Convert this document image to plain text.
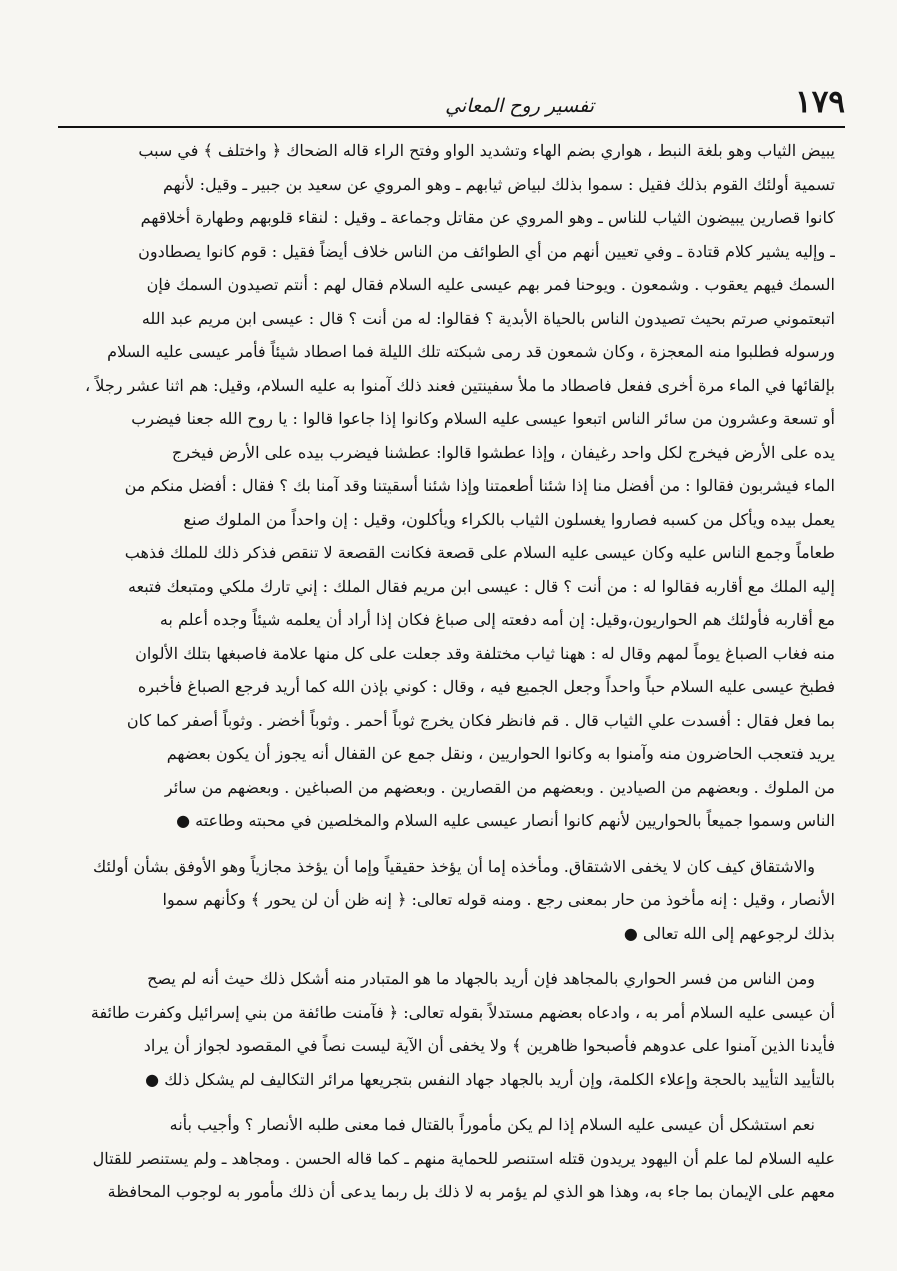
١٧٩
تفسير روح المعاني
يبيض الثياب وهو بلغة النبط ، هواري بضم الهاء وتشديد الواو وفتح الراء قاله الضحاك ﴿ واختلف ﴾ في سبب
تسمية أولئك القوم بذلك فقيل : سموا بذلك لبياض ثيابهم ـ وهو المروي عن سعيد بن جبير ـ وقيل: لأنهم
كانوا قصارين يبيضون الثياب للناس ـ وهو المروي عن مقاتل وجماعة ـ وقيل : لنقاء قلوبهم وطهارة أخلاقهم
ـ وإليه يشير كلام قتادة ـ وفي تعيين أنهم من أي الطوائف من الناس خلاف أيضاً فقيل : قوم كانوا يصطادون
السمك فيهم يعقوب . وشمعون . ويوحنا فمر بهم عيسى عليه السلام فقال لهم : أنتم تصيدون السمك فإن
اتبعتموني صرتم بحيث تصيدون الناس بالحياة الأبدية ؟ فقالوا: له من أنت ؟ قال : عيسى ابن مريم عبد الله
ورسوله فطلبوا منه المعجزة ، وكان شمعون قد رمى شبكته تلك الليلة فما اصطاد شيئاً فأمر عيسى عليه السلام
بإلقائها في الماء مرة أخرى ففعل فاصطاد ما ملأ سفينتين فعند ذلك آمنوا به عليه السلام، وقيل: هم اثنا عشر رجلاً ،
أو تسعة وعشرون من سائر الناس اتبعوا عيسى عليه السلام وكانوا إذا جاعوا قالوا : يا روح الله جعنا فيضرب
يده على الأرض فيخرج لكل واحد رغيفان ، وإذا عطشوا قالوا: عطشنا فيضرب بيده على الأرض فيخرج
الماء فيشربون فقالوا : من أفضل منا إذا شئنا أطعمتنا وإذا شئنا أسقيتنا وقد آمنا بك ؟ فقال : أفضل منكم من
يعمل بيده ويأكل من كسبه فصاروا يغسلون الثياب بالكراء ويأكلون، وقيل : إن واحداً من الملوك صنع
طعاماً وجمع الناس عليه وكان عيسى عليه السلام على قصعة فكانت القصعة لا تنقص فذكر ذلك للملك فذهب
إليه الملك مع أقاربه فقالوا له : من أنت ؟ قال : عيسى ابن مريم فقال الملك : إني تارك ملكي ومتبعك فتبعه
مع أقاربه فأولئك هم الحواريون،وقيل: إن أمه دفعته إلى صباغ فكان إذا أراد أن يعلمه شيئاً وجده أعلم به
منه فغاب الصباغ يوماً لمهم وقال له : ههنا ثياب مختلفة وقد جعلت على كل منها علامة فاصبغها بتلك الألوان
فطبخ عيسى عليه السلام حباً واحداً وجعل الجميع فيه ، وقال : كوني بإذن الله كما أريد فرجع الصباغ فأخبره
بما فعل فقال : أفسدت علي الثياب قال . قم فانظر فكان يخرج ثوباً أحمر . وثوباً أخضر . وثوباً أصفر كما كان
يريد فتعجب الحاضرون منه وآمنوا به وكانوا الحواريين ، ونقل جمع عن القفال أنه يجوز أن يكون بعضهم
من الملوك . وبعضهم من الصيادين . وبعضهم من القصارين . وبعضهم من الصباغين . وبعضهم من سائر
الناس وسموا جميعاً بالحواريين لأنهم كانوا أنصار عيسى عليه السلام والمخلصين في محبته وطاعته ●
والاشتقاق كيف كان لا يخفى الاشتقاق. ومأخذه إما أن يؤخذ حقيقياً وإما أن يؤخذ مجازياً وهو الأوفق بشأن أولئك
الأنصار ، وقيل : إنه مأخوذ من حار بمعنى رجع . ومنه قوله تعالى: ﴿ إنه ظن أن لن يحور ﴾ وكأنهم سموا
بذلك لرجوعهم إلى الله تعالى ●
ومن الناس من فسر الحواري بالمجاهد فإن أريد بالجهاد ما هو المتبادر منه أشكل ذلك حيث أنه لم يصح
أن عيسى عليه السلام أمر به ، وادعاه بعضهم مستدلاً بقوله تعالى: ﴿ فآمنت طائفة من بني إسرائيل وكفرت طائفة
فأيدنا الذين آمنوا على عدوهم فأصبحوا ظاهرين ﴾ ولا يخفى أن الآية ليست نصاً في المقصود لجواز أن يراد
بالتأييد التأييد بالحجة وإعلاء الكلمة، وإن أريد بالجهاد جهاد النفس بتجريعها مرائر التكاليف لم يشكل ذلك ●
نعم استشكل أن عيسى عليه السلام إذا لم يكن مأموراً بالقتال فما معنى طلبه الأنصار ؟ وأجيب بأنه
عليه السلام لما علم أن اليهود يريدون قتله استنصر للحماية منهم ـ كما قاله الحسن . ومجاهد ـ ولم يستنصر للقتال
معهم على الإيمان بما جاء به، وهذا هو الذي لم يؤمر به لا ذلك بل ربما يدعى أن ذلك مأمور به لوجوب المحافظة
